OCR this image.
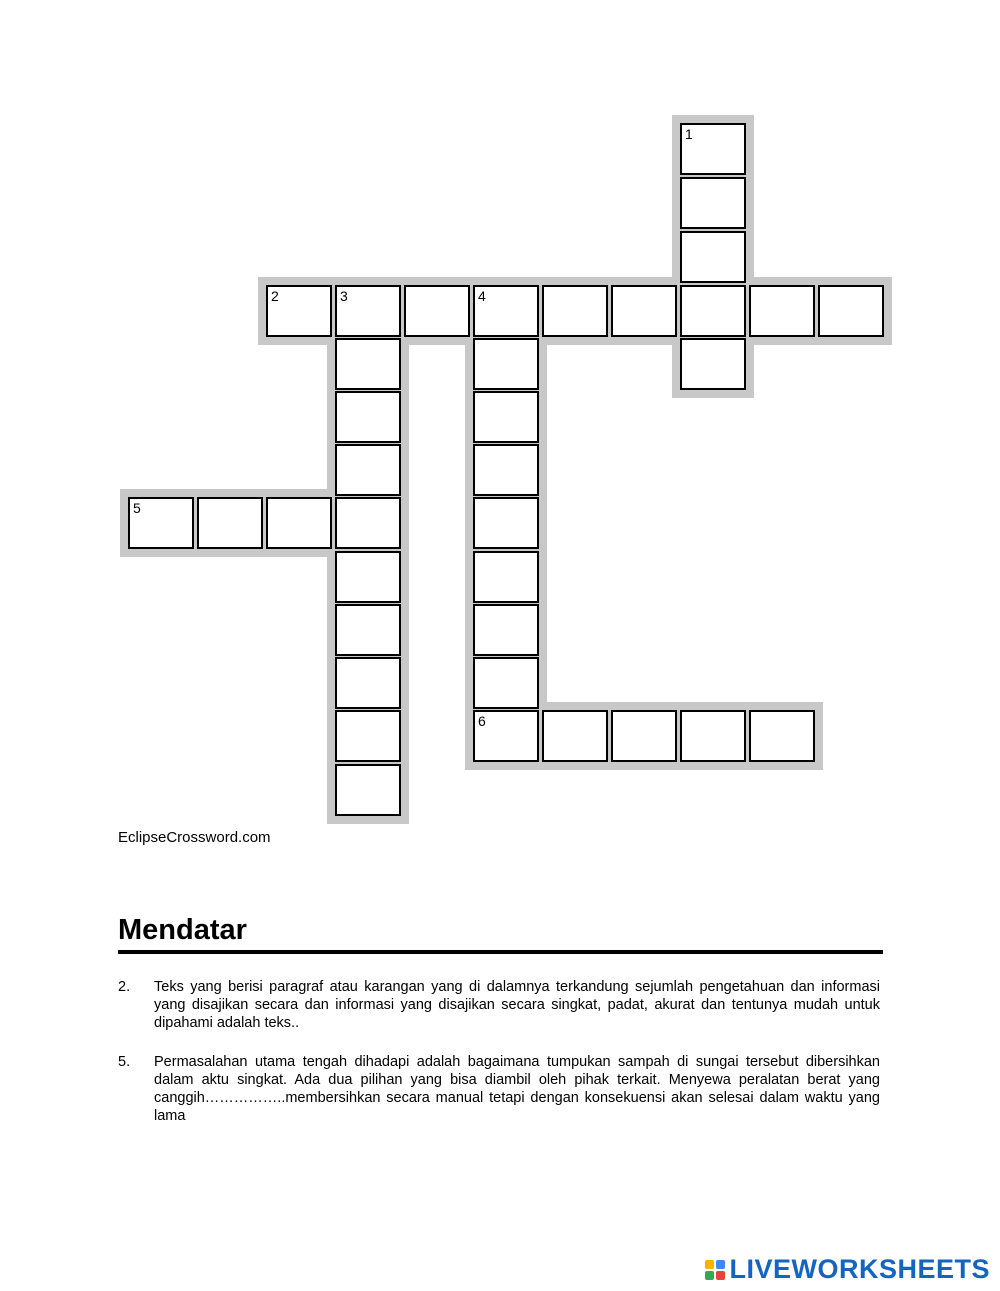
1
2	3	4
5
6
EclipseCrossword.com
Mendatar
2. Teks yang berisi paragraf atau karangan yang di dalamnya terkandung sejumlah pengetahuan dan informasi yang disajikan secara dan informasi yang disajikan secara singkat, padat, akurat dan tentunya mudah untuk dipahami adalah teks..
5. Permasalahan utama tengah dihadapi adalah bagaimana tumpukan sampah di sungai tersebut dibersihkan dalam aktu singkat. Ada dua pilihan yang bisa diambil oleh pihak terkait. Menyewa peralatan berat yang canggih……………..membersihkan secara manual tetapi dengan konsekuensi akan selesai dalam waktu yang lama
LIVEWORKSHEETS
